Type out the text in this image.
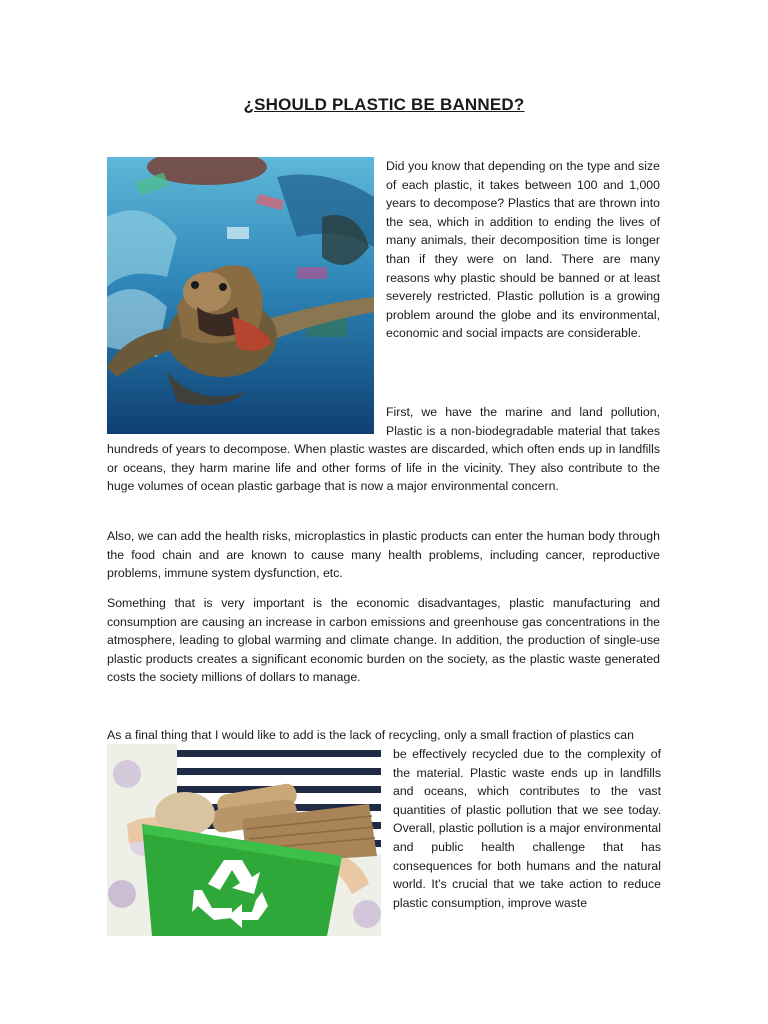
¿SHOULD PLASTIC BE BANNED?

Did you know that depending on the type and size of each plastic, it takes between 100 and 1,000 years to decompose? Plastics that are thrown into the sea, which in addition to ending the lives of many animals, their decomposition time is longer than if they were on land. There are many reasons why plastic should be banned or at least severely restricted. Plastic pollution is a growing problem around the globe and its environmental, economic and social impacts are considerable.

First, we have the marine and land pollution, Plastic is a non-biodegradable material that takes hundreds of years to decompose. When plastic wastes are discarded, which often ends up in landfills or oceans, they harm marine life and other forms of life in the vicinity. They also contribute to the huge volumes of ocean plastic garbage that is now a major environmental concern.

Also, we can add the health risks, microplastics in plastic products can enter the human body through the food chain and are known to cause many health problems, including cancer, reproductive problems, immune system dysfunction, etc.

Something that is very important is the economic disadvantages, plastic manufacturing and consumption are causing an increase in carbon emissions and greenhouse gas concentrations in the atmosphere, leading to global warming and climate change. In addition, the production of single-use plastic products creates a significant economic burden on the society, as the plastic waste generated costs the society millions of dollars to manage.

As a final thing that I would like to add is the lack of recycling, only a small fraction of plastics can

be effectively recycled due to the complexity of the material. Plastic waste ends up in landfills and oceans, which contributes to the vast quantities of plastic pollution that we see today. Overall, plastic pollution is a major environmental and public health challenge that has consequences for both humans and the natural world. It's crucial that we take action to reduce plastic consumption, improve waste
